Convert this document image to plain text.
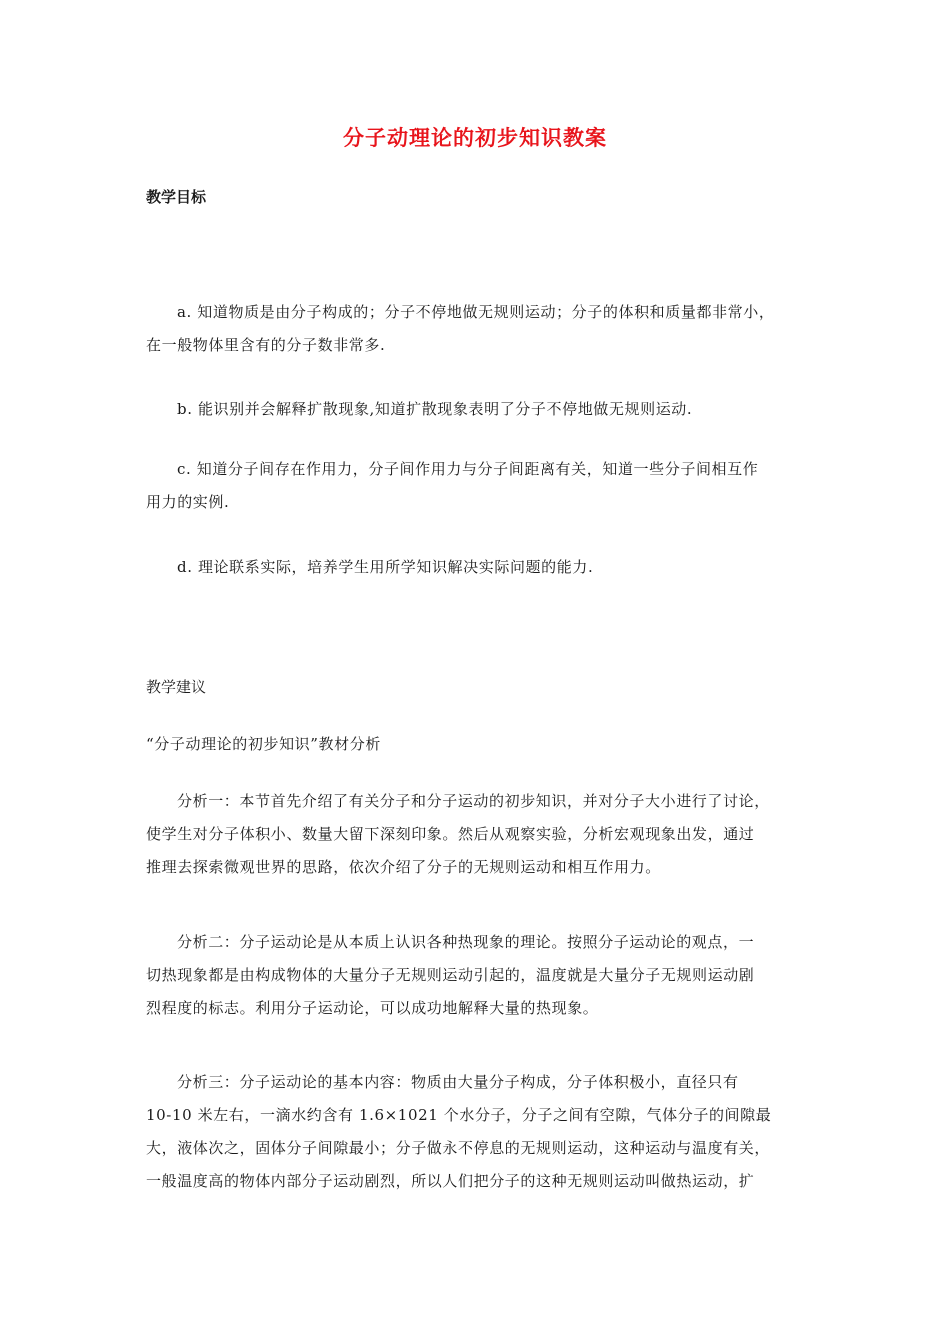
分子动理论的初步知识教案
教学目标
a. 知道物质是由分子构成的；分子不停地做无规则运动；分子的体积和质量都非常小，
在一般物体里含有的分子数非常多.
b. 能识别并会解释扩散现象,知道扩散现象表明了分子不停地做无规则运动.
c. 知道分子间存在作用力，分子间作用力与分子间距离有关，知道一些分子间相互作
用力的实例.
d. 理论联系实际，培养学生用所学知识解决实际问题的能力.
教学建议
“分子动理论的初步知识”教材分析
分析一：本节首先介绍了有关分子和分子运动的初步知识，并对分子大小进行了讨论，
使学生对分子体积小、数量大留下深刻印象。然后从观察实验，分析宏观现象出发，通过
推理去探索微观世界的思路，依次介绍了分子的无规则运动和相互作用力。
分析二：分子运动论是从本质上认识各种热现象的理论。按照分子运动论的观点，一
切热现象都是由构成物体的大量分子无规则运动引起的，温度就是大量分子无规则运动剧
烈程度的标志。利用分子运动论，可以成功地解释大量的热现象。
分析三：分子运动论的基本内容：物质由大量分子构成，分子体积极小，直径只有
10-10 米左右，一滴水约含有 1.6×1021 个水分子，分子之间有空隙，气体分子的间隙最
大，液体次之，固体分子间隙最小；分子做永不停息的无规则运动，这种运动与温度有关，
一般温度高的物体内部分子运动剧烈，所以人们把分子的这种无规则运动叫做热运动，扩
